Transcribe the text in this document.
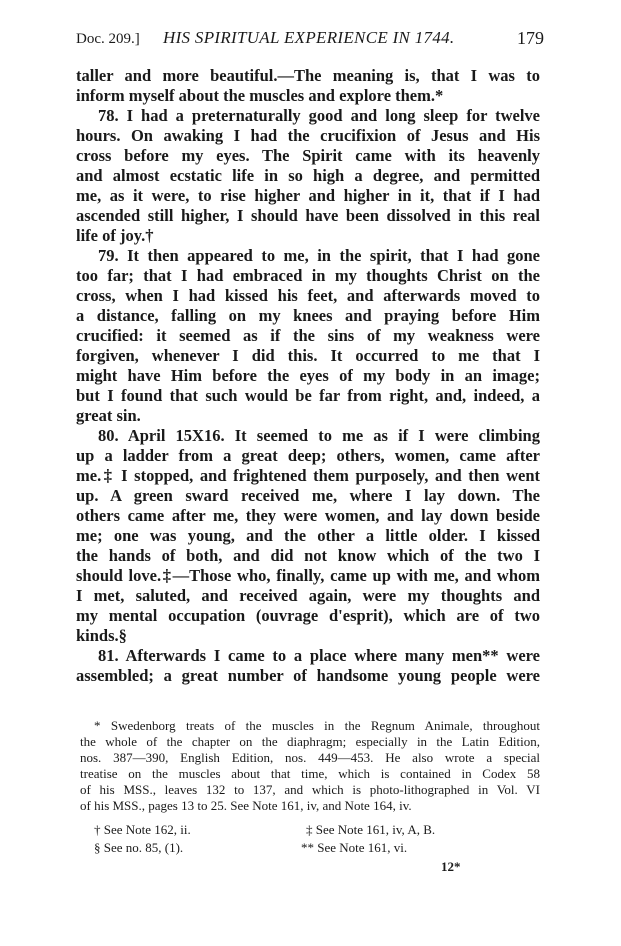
Doc. 209.] HIS SPIRITUAL EXPERIENCE IN 1744.	179
taller and more beautiful.—The meaning is, that I was to
inform myself about the muscles and explore them.*
78. I had a preternaturally good and long sleep for twelve
hours. On awaking I had the crucifixion of Jesus and His
cross before my eyes. The Spirit came with its heavenly
and almost ecstatic life in so high a degree, and permitted
me, as it were, to rise higher and higher in it, that if I had
ascended still higher, I should have been dissolved in this real
life of joy.†
79. It then appeared to me, in the spirit, that I had gone
too far; that I had embraced in my thoughts Christ on the
cross, when I had kissed his feet, and afterwards moved to
a distance, falling on my knees and praying before Him
crucified: it seemed as if the sins of my weakness were
forgiven, whenever I did this. It occurred to me that I
might have Him before the eyes of my body in an image;
but I found that such would be far from right, and, indeed, a
great sin.
80. April 15X16. It seemed to me as if I were climbing
up a ladder from a great deep; others, women, came after
me.‡ I stopped, and frightened them purposely, and then went
up. A green sward received me, where I lay down. The
others came after me, they were women, and lay down beside
me; one was young, and the other a little older. I kissed
the hands of both, and did not know which of the two I
should love.‡—Those who, finally, came up with me, and whom
I met, saluted, and received again, were my thoughts and
my mental occupation (ouvrage d'esprit), which are of two
kinds.§
81. Afterwards I came to a place where many men** were
assembled; a great number of handsome young people were
* Swedenborg treats of the muscles in the Regnum Animale, throughout
the whole of the chapter on the diaphragm; especially in the Latin Edition,
nos. 387—390, English Edition, nos. 449—453. He also wrote a special
treatise on the muscles about that time, which is contained in Codex 58
of his MSS., leaves 132 to 137, and which is photo-lithographed in Vol. VI
of his MSS., pages 13 to 25. See Note 161, iv, and Note 164, iv.
† See Note 162, ii.	‡ See Note 161, iv, A, B.
§ See no. 85, (1).	** See Note 161, vi.
12*
